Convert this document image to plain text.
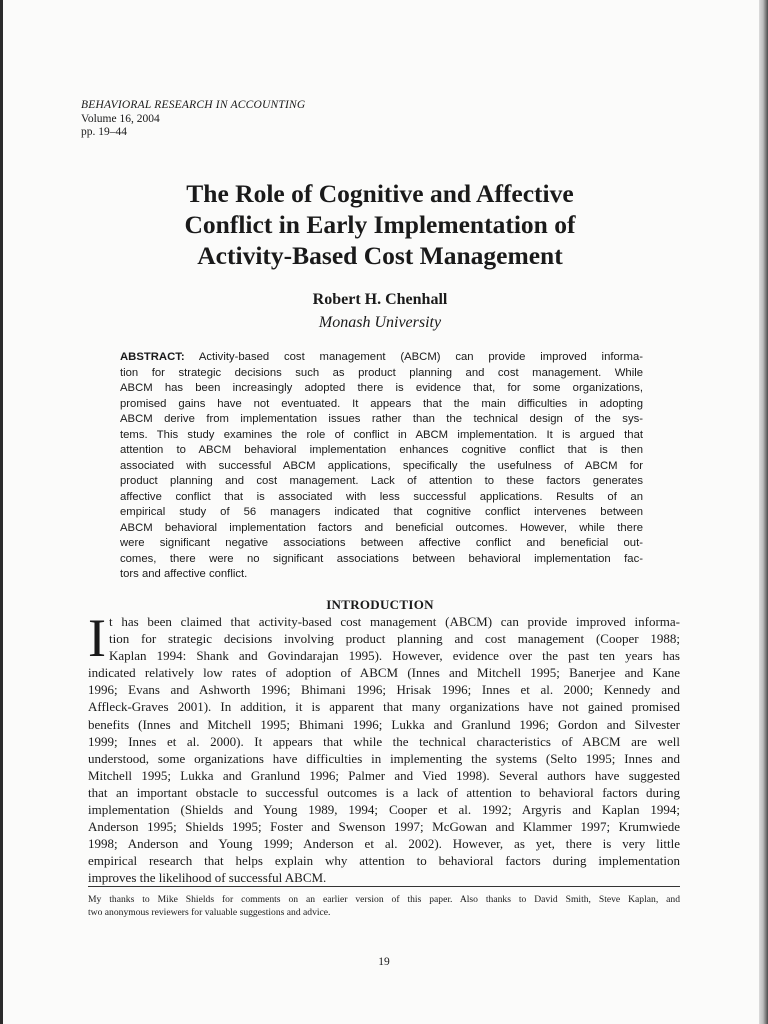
BEHAVIORAL RESEARCH IN ACCOUNTING
Volume 16, 2004
pp. 19–44
The Role of Cognitive and Affective
Conflict in Early Implementation of
Activity-Based Cost Management
Robert H. Chenhall
Monash University
ABSTRACT: Activity-based cost management (ABCM) can provide improved informa-
tion for strategic decisions such as product planning and cost management. While
ABCM has been increasingly adopted there is evidence that, for some organizations,
promised gains have not eventuated. It appears that the main difficulties in adopting
ABCM derive from implementation issues rather than the technical design of the sys-
tems. This study examines the role of conflict in ABCM implementation. It is argued that
attention to ABCM behavioral implementation enhances cognitive conflict that is then
associated with successful ABCM applications, specifically the usefulness of ABCM for
product planning and cost management. Lack of attention to these factors generates
affective conflict that is associated with less successful applications. Results of an
empirical study of 56 managers indicated that cognitive conflict intervenes between
ABCM behavioral implementation factors and beneficial outcomes. However, while there
were significant negative associations between affective conflict and beneficial out-
comes, there were no significant associations between behavioral implementation fac-
tors and affective conflict.
INTRODUCTION
I t has been claimed that activity-based cost management (ABCM) can provide improved informa-
tion for strategic decisions involving product planning and cost management (Cooper 1988;
Kaplan 1994: Shank and Govindarajan 1995). However, evidence over the past ten years has
indicated relatively low rates of adoption of ABCM (Innes and Mitchell 1995; Banerjee and Kane
1996; Evans and Ashworth 1996; Bhimani 1996; Hrisak 1996; Innes et al. 2000; Kennedy and
Affleck-Graves 2001). In addition, it is apparent that many organizations have not gained promised
benefits (Innes and Mitchell 1995; Bhimani 1996; Lukka and Granlund 1996; Gordon and Silvester
1999; Innes et al. 2000). It appears that while the technical characteristics of ABCM are well
understood, some organizations have difficulties in implementing the systems (Selto 1995; Innes and
Mitchell 1995; Lukka and Granlund 1996; Palmer and Vied 1998). Several authors have suggested
that an important obstacle to successful outcomes is a lack of attention to behavioral factors during
implementation (Shields and Young 1989, 1994; Cooper et al. 1992; Argyris and Kaplan 1994;
Anderson 1995; Shields 1995; Foster and Swenson 1997; McGowan and Klammer 1997; Krumwiede
1998; Anderson and Young 1999; Anderson et al. 2002). However, as yet, there is very little
empirical research that helps explain why attention to behavioral factors during implementation
improves the likelihood of successful ABCM.
My thanks to Mike Shields for comments on an earlier version of this paper. Also thanks to David Smith, Steve Kaplan, and
two anonymous reviewers for valuable suggestions and advice.
19
